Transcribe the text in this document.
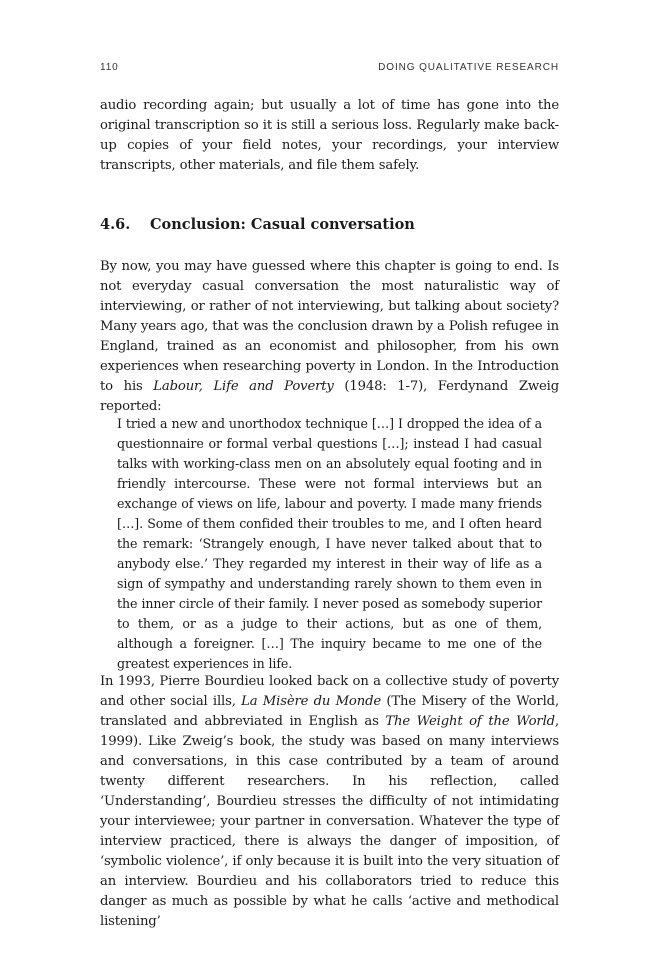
110	DOING QUALITATIVE RESEARCH

audio recording again; but usually a lot of time has gone into the original transcription so it is still a serious loss. Regularly make back-up copies of your field notes, your recordings, your interview transcripts, other materials, and file them safely.

4.6. Conclusion: Casual conversation

By now, you may have guessed where this chapter is going to end. Is not everyday casual conversation the most naturalistic way of interviewing, or rather of not interviewing, but talking about society? Many years ago, that was the conclusion drawn by a Polish refugee in England, trained as an economist and philosopher, from his own experiences when researching poverty in London. In the Introduction to his Labour, Life and Poverty (1948: 1-7), Ferdynand Zweig reported:

I tried a new and unorthodox technique […] I dropped the idea of a questionnaire or formal verbal questions […]; instead I had casual talks with working-class men on an absolutely equal footing and in friendly intercourse. These were not formal interviews but an exchange of views on life, labour and poverty. I made many friends […]. Some of them confided their troubles to me, and I often heard the remark: ‘Strangely enough, I have never talked about that to anybody else.’ They regarded my interest in their way of life as a sign of sympathy and understanding rarely shown to them even in the inner circle of their family. I never posed as somebody superior to them, or as a judge to their actions, but as one of them, although a foreigner. […] The inquiry became to me one of the greatest experiences in life.

In 1993, Pierre Bourdieu looked back on a collective study of poverty and other social ills, La Misère du Monde (The Misery of the World, translated and abbreviated in English as The Weight of the World, 1999). Like Zweig’s book, the study was based on many interviews and conversations, in this case contributed by a team of around twenty different researchers. In his reflection, called ‘Understanding’, Bourdieu stresses the difficulty of not intimidating your interviewee; your partner in conversation. Whatever the type of interview practiced, there is always the danger of imposition, of ‘symbolic violence’, if only because it is built into the very situation of an interview. Bourdieu and his collaborators tried to reduce this danger as much as possible by what he calls ‘active and methodical listening’
